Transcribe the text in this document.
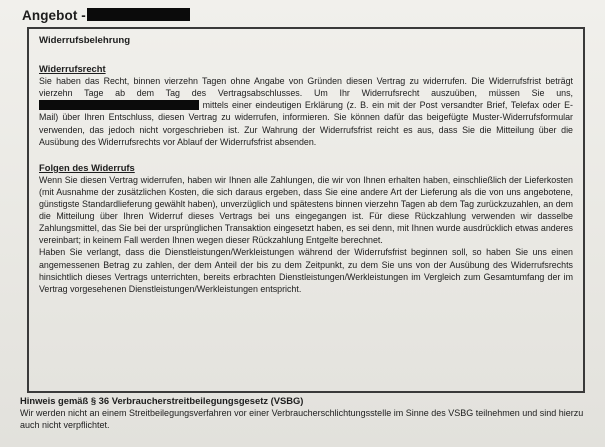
Angebot -

Widerrufsbelehrung

Widerrufsrecht

Sie haben das Recht, binnen vierzehn Tagen ohne Angabe von Gründen diesen Vertrag zu widerrufen. Die Widerrufsfrist beträgt vierzehn Tage ab dem Tag des Vertragsabschlusses. Um Ihr Widerrufsrecht auszuüben, müssen Sie uns,  mittels einer eindeutigen Erklärung (z. B. ein mit der Post versandter Brief, Telefax oder E-Mail) über Ihren Entschluss, diesen Vertrag zu widerrufen, informieren. Sie können dafür das beigefügte Muster-Widerrufsformular verwenden, das jedoch nicht vorgeschrieben ist. Zur Wahrung der Widerrufsfrist reicht es aus, dass Sie die Mitteilung über die Ausübung des Widerrufsrechts vor Ablauf der Widerrufsfrist absenden.

Folgen des Widerrufs

Wenn Sie diesen Vertrag widerrufen, haben wir Ihnen alle Zahlungen, die wir von Ihnen erhalten haben, einschließlich der Lieferkosten (mit Ausnahme der zusätzlichen Kosten, die sich daraus ergeben, dass Sie eine andere Art der Lieferung als die von uns angebotene, günstigste Standardlieferung gewählt haben), unverzüglich und spätestens binnen vierzehn Tagen ab dem Tag zurückzuzahlen, an dem die Mitteilung über Ihren Widerruf dieses Vertrags bei uns eingegangen ist. Für diese Rückzahlung verwenden wir dasselbe Zahlungsmittel, das Sie bei der ursprünglichen Transaktion eingesetzt haben, es sei denn, mit Ihnen wurde ausdrücklich etwas anderes vereinbart; in keinem Fall werden Ihnen wegen dieser Rückzahlung Entgelte berechnet.

Haben Sie verlangt, dass die Dienstleistungen/Werkleistungen während der Widerrufsfrist beginnen soll, so haben Sie uns einen angemessenen Betrag zu zahlen, der dem Anteil der bis zu dem Zeitpunkt, zu dem Sie uns von der Ausübung des Widerrufsrechts hinsichtlich dieses Vertrags unterrichten, bereits erbrachten Dienstleistungen/Werkleistungen im Vergleich zum Gesamtumfang der im Vertrag vorgesehenen Dienstleistungen/Werkleistungen entspricht.

Hinweis gemäß § 36 Verbraucherstreitbeilegungsgesetz (VSBG)

Wir werden nicht an einem Streitbeilegungsverfahren vor einer Verbraucherschlichtungsstelle im Sinne des VSBG teilnehmen und sind hierzu auch nicht verpflichtet.
